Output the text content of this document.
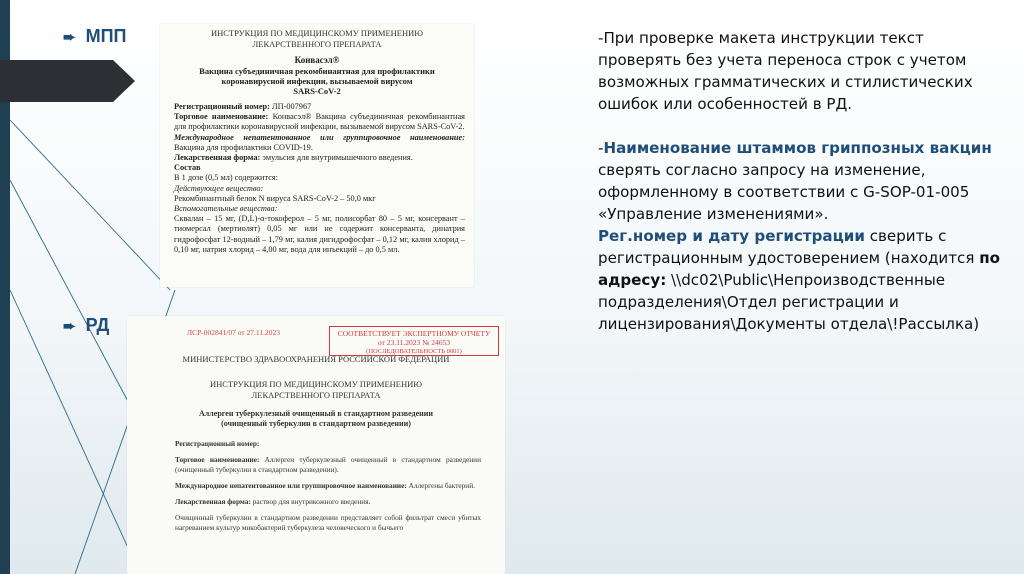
➨ МПП
➨ РД
ИНСТРУКЦИЯ ПО МЕДИЦИНСКОМУ ПРИМЕНЕНИЮ
ЛЕКАРСТВЕННОГО ПРЕПАРАТА
Конвасэл®
Вакцина субъединичная рекомбинантная для профилактики
коронавирусной инфекции, вызываемой вирусом
SARS-CoV-2
Регистрационный номер: ЛП-007967
Торговое наименование: Конвасэл® Вакцина субъединичная рекомбинантная для профилактики коронавирусной инфекции, вызываемой вирусом SARS-CoV-2.
Международное непатентованное или группировочное наименование: Вакцина для профилактики COVID-19.
Лекарственная форма: эмульсия для внутримышечного введения.
Состав
В 1 дозе (0,5 мл) содержится:
Действующее вещество:
Рекомбинантный белок N вируса SARS-CoV-2 – 50,0 мкг
Вспомогательные вещества:
Сквалан – 15 мг, (D,L)-α-токоферол – 5 мг, полисорбат 80 – 5 мг, консервант – тиомерсал (мертиолят) 0,05 мг или не содержит консерванта, динатрия гидрофосфат 12-водный – 1,79 мг, калия дигидрофосфат – 0,12 мг, калия хлорид – 0,10 мг, натрия хлорид – 4,00 мг, вода для инъекций – до 0,5 мл.
ЛСР-002841/07 от 27.11.2023	СООТВЕТСТВУЕТ ЭКСПЕРТНОМУ ОТЧЕТУ
от 23.11.2023 № 24653
(ПОСЛЕДОВАТЕЛЬНОСТЬ 0001)
МИНИСТЕРСТВО ЗДРАВООХРАНЕНИЯ РОССИЙСКОЙ ФЕДЕРАЦИИ
ИНСТРУКЦИЯ ПО МЕДИЦИНСКОМУ ПРИМЕНЕНИЮ
ЛЕКАРСТВЕННОГО ПРЕПАРАТА
Аллерген туберкулезный очищенный в стандартном разведении
(очищенный туберкулин в стандартном разведении)
Регистрационный номер:
Торговое наименование: Аллерген туберкулезный очищенный в стандартном разведении (очищенный туберкулин в стандартном разведении).
Международное непатентованное или группировочное наименование: Аллергены бактерий.
Лекарственная форма: раствор для внутрикожного введения.
Очищенный туберкулин в стандартном разведении представляет собой фильтрат смеси убитых нагреванием культур микобактерий туберкулеза человеческого и бычьего

-При проверке макета инструкции текст проверять без учета переноса строк с учетом возможных грамматических и стилистических ошибок или особенностей в РД.

-Наименование штаммов гриппозных вакцин сверять согласно запросу на изменение, оформленному в соответствии с G-SOP-01-005 «Управление изменениями».

Рег.номер и дату регистрации сверить с регистрационным удостоверением (находится по адресу: \\dc02\Public\Непроизводственные подразделения\Отдел регистрации и лицензирования\Документы отдела\!Рассылка)
